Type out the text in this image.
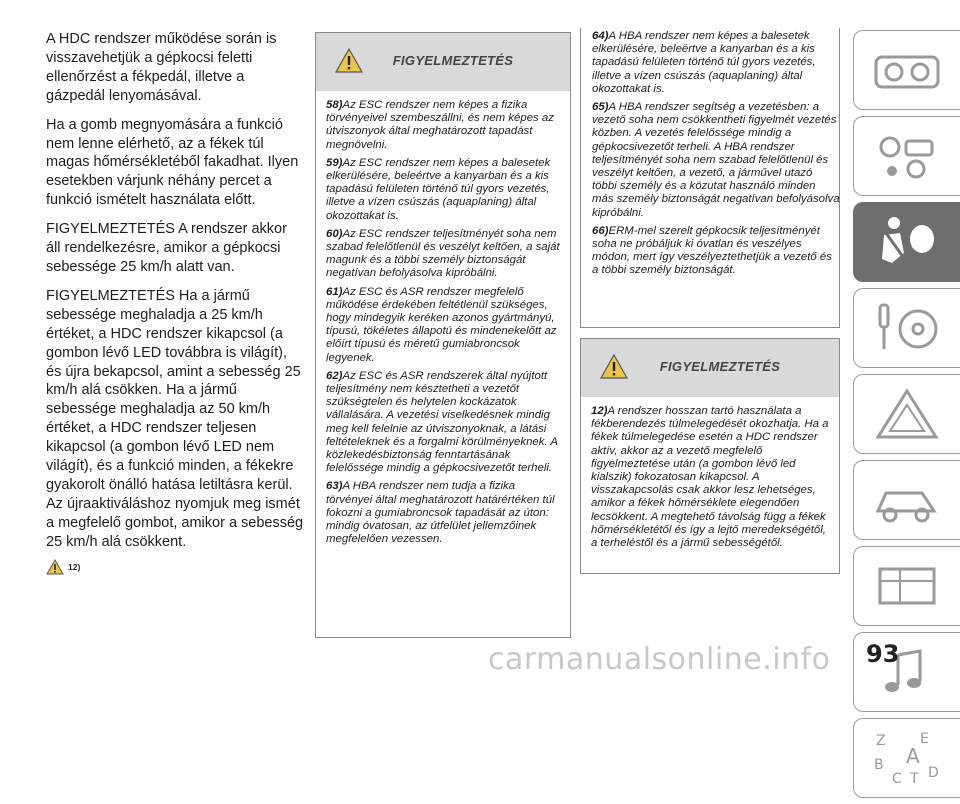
A HDC rendszer működése során is visszavehetjük a gépkocsi feletti ellenőrzést a fékpedál, illetve a gázpedál lenyomásával.

Ha a gomb megnyomására a funkció nem lenne elérhető, az a fékek túl magas hőmérsékletéből fakadhat. Ilyen esetekben várjunk néhány percet a funkció ismételt használata előtt.

FIGYELMEZTETÉS A rendszer akkor áll rendelkezésre, amikor a gépkocsi sebessége 25 km/h alatt van.

FIGYELMEZTETÉS Ha a jármű sebessége meghaladja a 25 km/h értéket, a HDC rendszer kikapcsol (a gombon lévő LED továbbra is világít), és újra bekapcsol, amint a sebesség 25 km/h alá csökken. Ha a jármű sebessége meghaladja az 50 km/h értéket, a HDC rendszer teljesen kikapcsol (a gombon lévő LED nem világít), és a funkció minden, a fékekre gyakorolt önálló hatása letiltásra kerül. Az újraaktiváláshoz nyomjuk meg ismét a megfelelő gombot, amikor a sebesség 25 km/h alá csökkent.

12)
FIGYELMEZTETÉS

58)Az ESC rendszer nem képes a fizika törvényeivel szembeszállni, és nem képes az útviszonyok által meghatározott tapadást megnövelni.

59)Az ESC rendszer nem képes a balesetek elkerülésére, beleértve a kanyarban és a kis tapadású felületen történő túl gyors vezetés, illetve a vízen csúszás (aquaplaning) által okozottakat is.

60)Az ESC rendszer teljesítményét soha nem szabad felelőtlenül és veszélyt keltően, a saját magunk és a többi személy biztonságát negatívan befolyásolva kipróbálni.

61)Az ESC és ASR rendszer megfelelő működése érdekében feltétlenül szükséges, hogy mindegyik keréken azonos gyártmányú, típusú, tökéletes állapotú és mindenekelőtt az előírt típusú és méretű gumiabroncsok legyenek.

62)Az ESC és ASR rendszerek által nyújtott teljesítmény nem késztetheti a vezetőt szükségtelen és helytelen kockázatok vállalására. A vezetési viselkedésnek mindig meg kell felelnie az útviszonyoknak, a látási feltételeknek és a forgalmi körülményeknek. A közlekedésbiztonság fenntartásának felelőssége mindig a gépkocsivezetőt terheli.

63)A HBA rendszer nem tudja a fizika törvényei által meghatározott határértéken túl fokozni a gumiabroncsok tapadását az úton: mindig óvatosan, az útfelület jellemzőinek megfelelően vezessen.

64)A HBA rendszer nem képes a balesetek elkerülésére, beleértve a kanyarban és a kis tapadású felületen történő túl gyors vezetés, illetve a vízen csúszás (aquaplaning) által okozottakat is.

65)A HBA rendszer segítség a vezetésben: a vezető soha nem csökkentheti figyelmét vezetés közben. A vezetés felelőssége mindig a gépkocsivezetőt terheli. A HBA rendszer teljesítményét soha nem szabad felelőtlenül és veszélyt keltően, a vezető, a járművel utazó többi személy és a közutat használó minden más személy biztonságát negatívan befolyásolva kipróbálni.

66)ERM-mel szerelt gépkocsik teljesítményét soha ne próbáljuk ki óvatlan és veszélyes módon, mert így veszélyeztethetjük a vezető és a többi személy biztonságát.

FIGYELMEZTETÉS

12)A rendszer hosszan tartó használata a fékberendezés túlmelegedését okozhatja. Ha a fékek túlmelegedése esetén a HDC rendszer aktív, akkor az a vezető megfelelő figyelmeztetése után (a gombon lévő led kialszik) fokozatosan kikapcsol. A visszakapcsolás csak akkor lesz lehetséges, amikor a fékek hőmérséklete elegendően lecsökkent. A megtehető távolság függ a fékek hőmérsékletétől és így a lejtő meredekségétől, a terheléstől és a jármű sebességétől.

Z E
B A
C T D
93
carmanualsonline.info
